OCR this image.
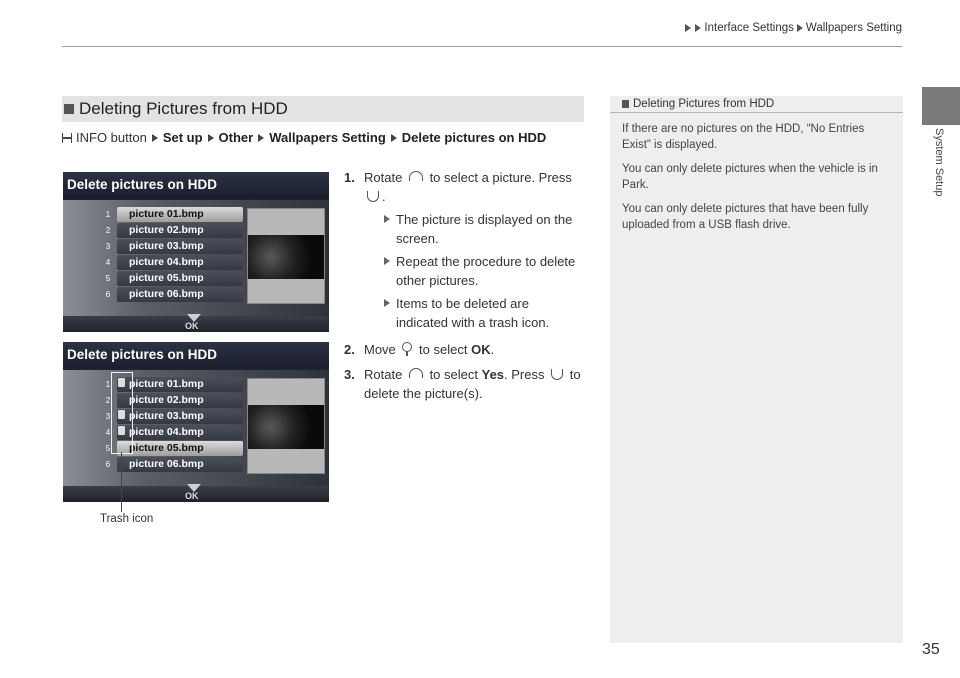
Interface Settings Wallpapers Setting
System Setup
Deleting Pictures from HDD
INFO button Set up Other Wallpapers Setting Delete pictures on HDD
Delete pictures on HDD
1	picture 01.bmp
2	picture 02.bmp
3	picture 03.bmp
4	picture 04.bmp
5	picture 05.bmp
6	picture 06.bmp
OK
Delete pictures on HDD
1	picture 01.bmp
2	picture 02.bmp
3	picture 03.bmp
4	picture 04.bmp
5	picture 05.bmp
6	picture 06.bmp
OK
Trash icon
1. Rotate to select a picture. Press .
The picture is displayed on the screen.
Repeat the procedure to delete other pictures.
Items to be deleted are indicated with a trash icon.
2. Move to select OK.
3. Rotate to select Yes. Press to delete the picture(s).
Deleting Pictures from HDD

If there are no pictures on the HDD, “No Entries Exist” is displayed.

You can only delete pictures when the vehicle is in Park.

You can only delete pictures that have been fully uploaded from a USB flash drive.

35
